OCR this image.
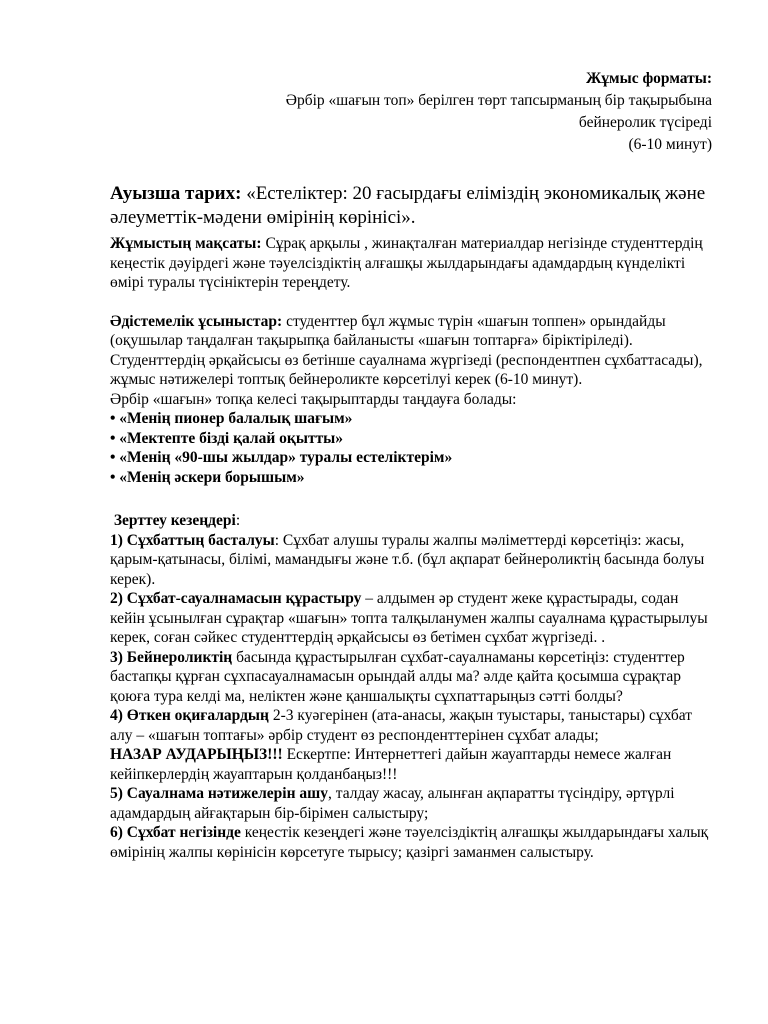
Жұмыс форматы:
Әрбір «шағын топ» берілген төрт тапсырманың бір тақырыбына
бейнеролик түсіреді
(6-10 минут)

Ауызша тарих: «Естеліктер: 20 ғасырдағы еліміздің экономикалық және әлеуметтік-мәдени өмірінің көрінісі».

Жұмыстың мақсаты: Сұрақ арқылы , жинақталған материалдар негізінде студенттердің кеңестік дәуірдегі және тәуелсіздіктің алғашқы жылдарындағы адамдардың күнделікті өмірі туралы түсініктерін тереңдету.

Әдістемелік ұсыныстар: студенттер бұл жұмыс түрін «шағын топпен» орындайды (оқушылар таңдалған тақырыпқа байланысты «шағын топтарға» біріктіріледі). Студенттердің әрқайсысы өз бетінше сауалнама жүргізеді (респондентпен сұхбаттасады), жұмыс нәтижелері топтық бейнероликте көрсетілуі керек (6-10 минут).

Әрбір «шағын» топқа келесі тақырыптарды таңдауға болады:

• «Менің пионер балалық шағым»

• «Мектепте бізді қалай оқытты»

• «Менің «90-шы жылдар» туралы естеліктерім»

• «Менің әскери борышым»

Зерттеу кезеңдері:

1) Сұхбаттың басталуы: Сұхбат алушы туралы жалпы мәліметтерді көрсетіңіз: жасы, қарым-қатынасы, білімі, мамандығы және т.б. (бұл ақпарат бейнероликтің басында болуы керек).

2) Сұхбат-сауалнамасын құрастыру – алдымен әр студент жеке құрастырады, содан кейін ұсынылған сұрақтар «шағын» топта талқыланумен жалпы сауалнама құрастырылуы керек, соған сәйкес студенттердің әрқайсысы өз бетімен сұхбат жүргізеді. .

3) Бейнероликтің басында құрастырылған сұхбат-сауалнаманы көрсетіңіз: студенттер бастапқы құрған сұхпасауалнамасын орындай алды ма? әлде қайта қосымша сұрақтар қоюға тура келді ма, неліктен және қаншалықты сұхпаттарыңыз сәтті болды?

4) Өткен оқиғалардың 2-3 куәгерінен (ата-анасы, жақын туыстары, таныстары) сұхбат алу – «шағын топтағы» әрбір студент өз респонденттерінен сұхбат алады;

НАЗАР АУДАРЫҢЫЗ!!! Ескертпе: Интернеттегі дайын жауаптарды немесе жалған кейіпкерлердің жауаптарын қолданбаңыз!!!

5) Сауалнама нәтижелерін ашу, талдау жасау, алынған ақпаратты түсіндіру, әртүрлі адамдардың айғақтарын бір-бірімен салыстыру;

6) Сұхбат негізінде кеңестік кезеңдегі және тәуелсіздіктің алғашқы жылдарындағы халық өмірінің жалпы көрінісін көрсетуге тырысу; қазіргі заманмен салыстыру.
